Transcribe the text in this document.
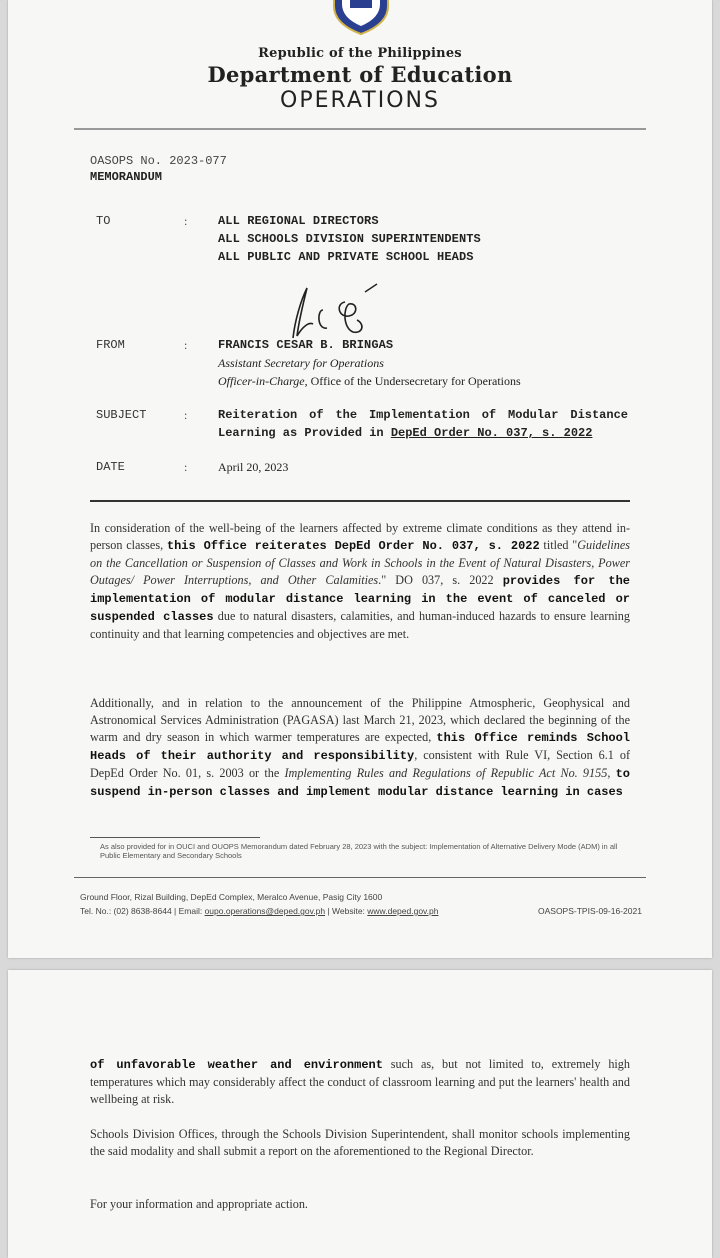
Republic of the Philippines
Department of Education
OPERATIONS
OASOPS No. 2023-077
MEMORANDUM
TO	:	ALL REGIONAL DIRECTORS
ALL SCHOOLS DIVISION SUPERINTENDENTS
ALL PUBLIC AND PRIVATE SCHOOL HEADS
FROM	:	FRANCIS CESAR B. BRINGAS
Assistant Secretary for Operations
Officer-in-Charge, Office of the Undersecretary for Operations
SUBJECT	:	Reiteration of the Implementation of Modular Distance Learning as Provided in DepEd Order No. 037, s. 2022
DATE	:	April 20, 2023
In consideration of the well-being of the learners affected by extreme climate conditions as they attend in-person classes, this Office reiterates DepEd Order No. 037, s. 2022 titled "Guidelines on the Cancellation or Suspension of Classes and Work in Schools in the Event of Natural Disasters, Power Outages/ Power Interruptions, and Other Calamities." DO 037, s. 2022 provides for the implementation of modular distance learning in the event of canceled or suspended classes due to natural disasters, calamities, and human-induced hazards to ensure learning continuity and that learning competencies and objectives are met.
Additionally, and in relation to the announcement of the Philippine Atmospheric, Geophysical and Astronomical Services Administration (PAGASA) last March 21, 2023, which declared the beginning of the warm and dry season in which warmer temperatures are expected, this Office reminds School Heads of their authority and responsibility, consistent with Rule VI, Section 6.1 of DepEd Order No. 01, s. 2003 or the Implementing Rules and Regulations of Republic Act No. 9155, to suspend in-person classes and implement modular distance learning in cases
As also provided for in OUCI and OUOPS Memorandum dated February 28, 2023 with the subject: Implementation of Alternative Delivery Mode (ADM) in all Public Elementary and Secondary Schools
Ground Floor, Rizal Building, DepEd Complex, Meralco Avenue, Pasig City 1600
Tel. No.: (02) 8638-8644 | Email: oupo.operations@deped.gov.ph | Website: www.deped.gov.ph	OASOPS-TPIS-09-16-2021
of unfavorable weather and environment such as, but not limited to, extremely high temperatures which may considerably affect the conduct of classroom learning and put the learners' health and wellbeing at risk.
Schools Division Offices, through the Schools Division Superintendent, shall monitor schools implementing the said modality and shall submit a report on the aforementioned to the Regional Director.
For your information and appropriate action.
